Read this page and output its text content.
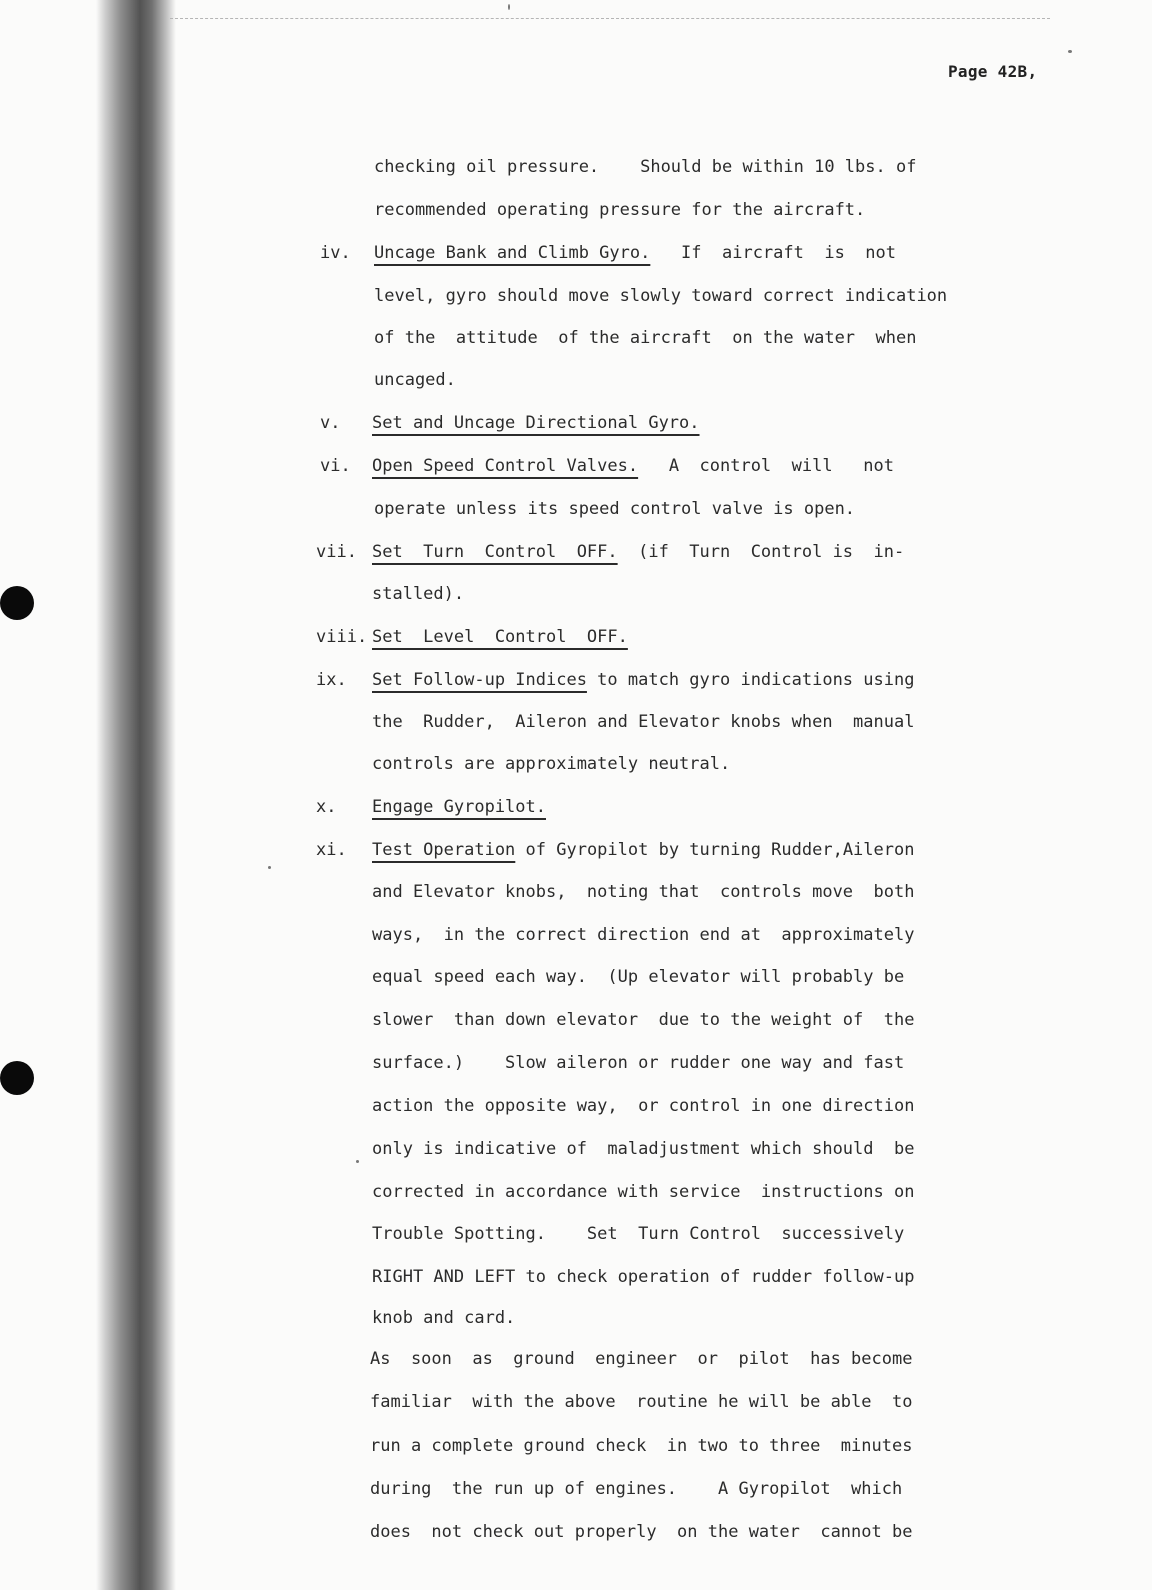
Page 42B,
checking oil pressure.    Should be within 10 lbs. of
recommended operating pressure for the aircraft.
iv. Uncage Bank and Climb Gyro.   If  aircraft  is  not
level, gyro should move slowly toward correct indication
of the  attitude  of the aircraft  on the water  when
uncaged.
v. Set and Uncage Directional Gyro.
vi. Open Speed Control Valves.   A  control  will   not
operate unless its speed control valve is open.
vii. Set  Turn  Control  OFF.  (if  Turn  Control is  in-
stalled).
viii. Set  Level  Control  OFF.
ix. Set Follow-up Indices to match gyro indications using
the  Rudder,  Aileron and Elevator knobs when  manual
controls are approximately neutral.
x. Engage Gyropilot.
xi. Test Operation of Gyropilot by turning Rudder,Aileron
and Elevator knobs,  noting that  controls move  both
ways,  in the correct direction end at  approximately
equal speed each way.  (Up elevator will probably be
slower  than down elevator  due to the weight of  the
surface.)    Slow aileron or rudder one way and fast
action the opposite way,  or control in one direction
only is indicative of  maladjustment which should  be
corrected in accordance with service  instructions on
Trouble Spotting.    Set  Turn Control  successively
RIGHT AND LEFT to check operation of rudder follow-up
knob and card.
As  soon  as  ground  engineer  or  pilot  has become
familiar  with the above  routine he will be able  to
run a complete ground check  in two to three  minutes
during  the run up of engines.    A Gyropilot  which
does  not check out properly  on the water  cannot be
